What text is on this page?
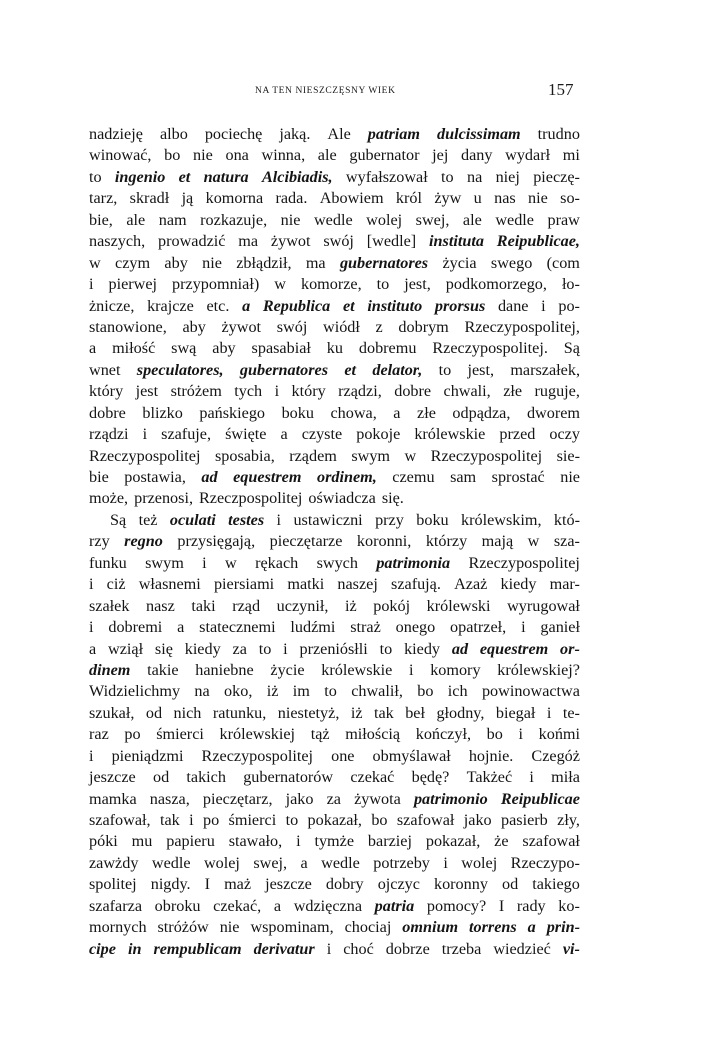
NA TEN NIESZCZĘSNY WIEK	157
nadzieję albo pociechę jaką. Ale patriam dulcissimam trudno
winować, bo nie ona winna, ale gubernator jej dany wydarł mi
to ingenio et natura Alcibiadis, wyfałszował to na niej pieczę-
tarz, skradł ją komorna rada. Abowiem król żyw u nas nie so-
bie, ale nam rozkazuje, nie wedle wolej swej, ale wedle praw
naszych, prowadzić ma żywot swój [wedle] instituta Reipublicae,
w czym aby nie zbłądził, ma gubernatores życia swego (com
i pierwej przypomniał) w komorze, to jest, podkomorzego, ło-
żnicze, krajcze etc. a Republica et instituto prorsus dane i po-
stanowione, aby żywot swój wiódł z dobrym Rzeczypospolitej,
a miłość swą aby spasabiał ku dobremu Rzeczypospolitej. Są
wnet speculatores, gubernatores et delator, to jest, marszałek,
który jest stróżem tych i który rządzi, dobre chwali, złe ruguje,
dobre blizko pańskiego boku chowa, a złe odpądza, dworem
rządzi i szafuje, święte a czyste pokoje królewskie przed oczy
Rzeczypospolitej sposabia, rządem swym w Rzeczypospolitej sie-
bie postawia, ad equestrem ordinem, czemu sam sprostać nie
może, przenosi, Rzeczpospolitej oświadcza się.
Są też oculati testes i ustawiczni przy boku królewskim, któ-
rzy regno przysięgają, pieczętarze koronni, którzy mają w sza-
funku swym i w rękach swych patrimonia Rzeczypospolitej
i ciż własnemi piersiami matki naszej szafują. Azaż kiedy mar-
szałek nasz taki rząd uczynił, iż pokój królewski wyrugował
i dobremi a statecznemi ludźmi straż onego opatrzeł, i ganieł
a wziął się kiedy za to i przeniósłli to kiedy ad equestrem or-
dinem takie haniebne życie królewskie i komory królewskiej?
Widzielichmy na oko, iż im to chwalił, bo ich powinowactwa
szukał, od nich ratunku, niestetyż, iż tak beł głodny, biegał i te-
raz po śmierci królewskiej tąż miłością kończył, bo i końmi
i pieniądzmi Rzeczypospolitej one obmyślawał hojnie. Czegóż
jeszcze od takich gubernatorów czekać będę? Takżeć i miła
mamka nasza, pieczętarz, jako za żywota patrimonio Reipublicae
szafował, tak i po śmierci to pokazał, bo szafował jako pasierb zły,
póki mu papieru stawało, i tymże barziej pokazał, że szafował
zawżdy wedle wolej swej, a wedle potrzeby i wolej Rzeczypo-
spolitej nigdy. I maż jeszcze dobry ojczyc koronny od takiego
szafarza obroku czekać, a wdzięczna patria pomocy? I rady ko-
mornych stróżów nie wspominam, chociaj omnium torrens a prin-
cipe in rempublicam derivatur i choć dobrze trzeba wiedzieć vi-
